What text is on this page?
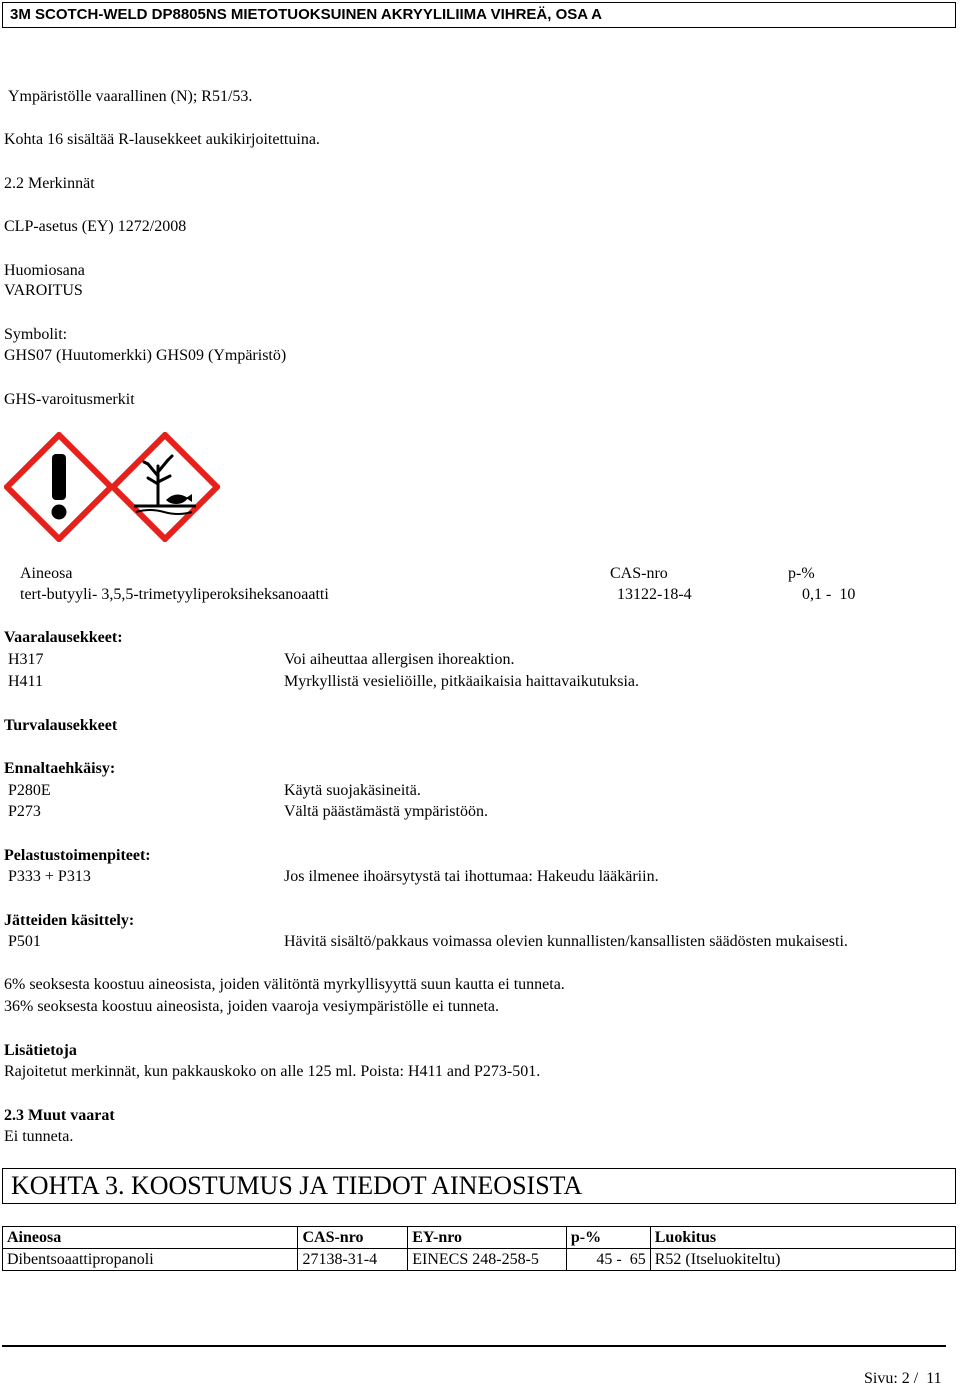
3M SCOTCH-WELD DP8805NS MIETOTUOKSUINEN AKRYYLILIIMA VIHREÄ, OSA A
Ympäristölle vaarallinen (N); R51/53.
Kohta 16 sisältää R-lausekkeet aukikirjoitettuina.
2.2 Merkinnät
CLP-asetus (EY) 1272/2008
Huomiosana
VAROITUS
Symbolit:
GHS07 (Huutomerkki) GHS09 (Ympäristö)
GHS-varoitusmerkit
Aineosa	CAS-nro	p-%
tert-butyyli- 3,5,5-trimetyyliperoksiheksanoaatti	13122-18-4	0,1 -  10
Vaaralausekkeet:
H317	Voi aiheuttaa allergisen ihoreaktion.
H411	Myrkyllistä vesieliöille, pitkäaikaisia haittavaikutuksia.
Turvalausekkeet
Ennaltaehkäisy:
P280E	Käytä suojakäsineitä.
P273	Vältä päästämästä ympäristöön.
Pelastustoimenpiteet:
P333 + P313	Jos ilmenee ihoärsytystä tai ihottumaa: Hakeudu lääkäriin.
Jätteiden käsittely:
P501	Hävitä sisältö/pakkaus voimassa olevien kunnallisten/kansallisten säädösten mukaisesti.
6% seoksesta koostuu aineosista, joiden välitöntä myrkyllisyyttä suun kautta ei tunneta.
36% seoksesta koostuu aineosista, joiden vaaroja vesiympäristölle ei tunneta.
Lisätietoja
Rajoitetut merkinnät, kun pakkauskoko on alle 125 ml. Poista: H411 and P273-501.
2.3 Muut vaarat
Ei tunneta.
KOHTA 3. KOOSTUMUS JA TIEDOT AINEOSISTA
Aineosa	CAS-nro	EY-nro	p-%	Luokitus
Dibentsoaattipropanoli	27138-31-4	EINECS 248-258-5	45 -  65	R52 (Itseluokiteltu)
Sivu: 2 /  11
